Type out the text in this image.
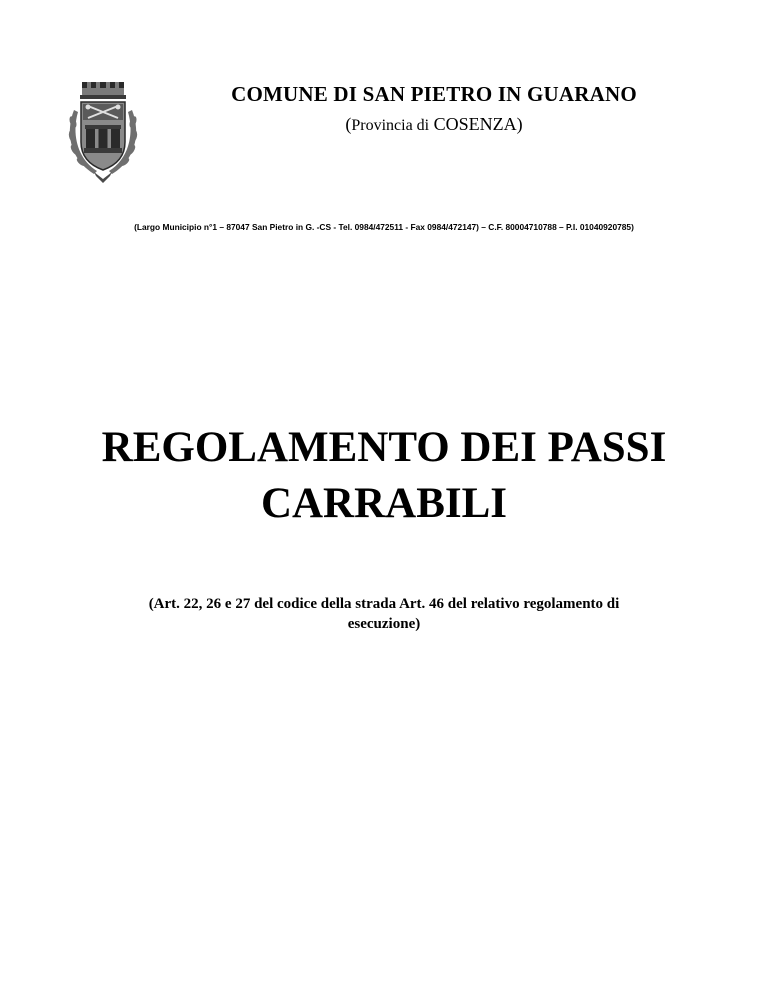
COMUNE DI SAN PIETRO IN GUARANO
(Provincia di COSENZA)
(Largo Municipio n°1 – 87047 San Pietro in G. -CS - Tel. 0984/472511 - Fax 0984/472147) – C.F. 80004710788 – P.I. 01040920785)
REGOLAMENTO DEI PASSI
CARRABILI
(Art. 22, 26 e 27 del codice della strada Art. 46 del relativo regolamento di
esecuzione)
